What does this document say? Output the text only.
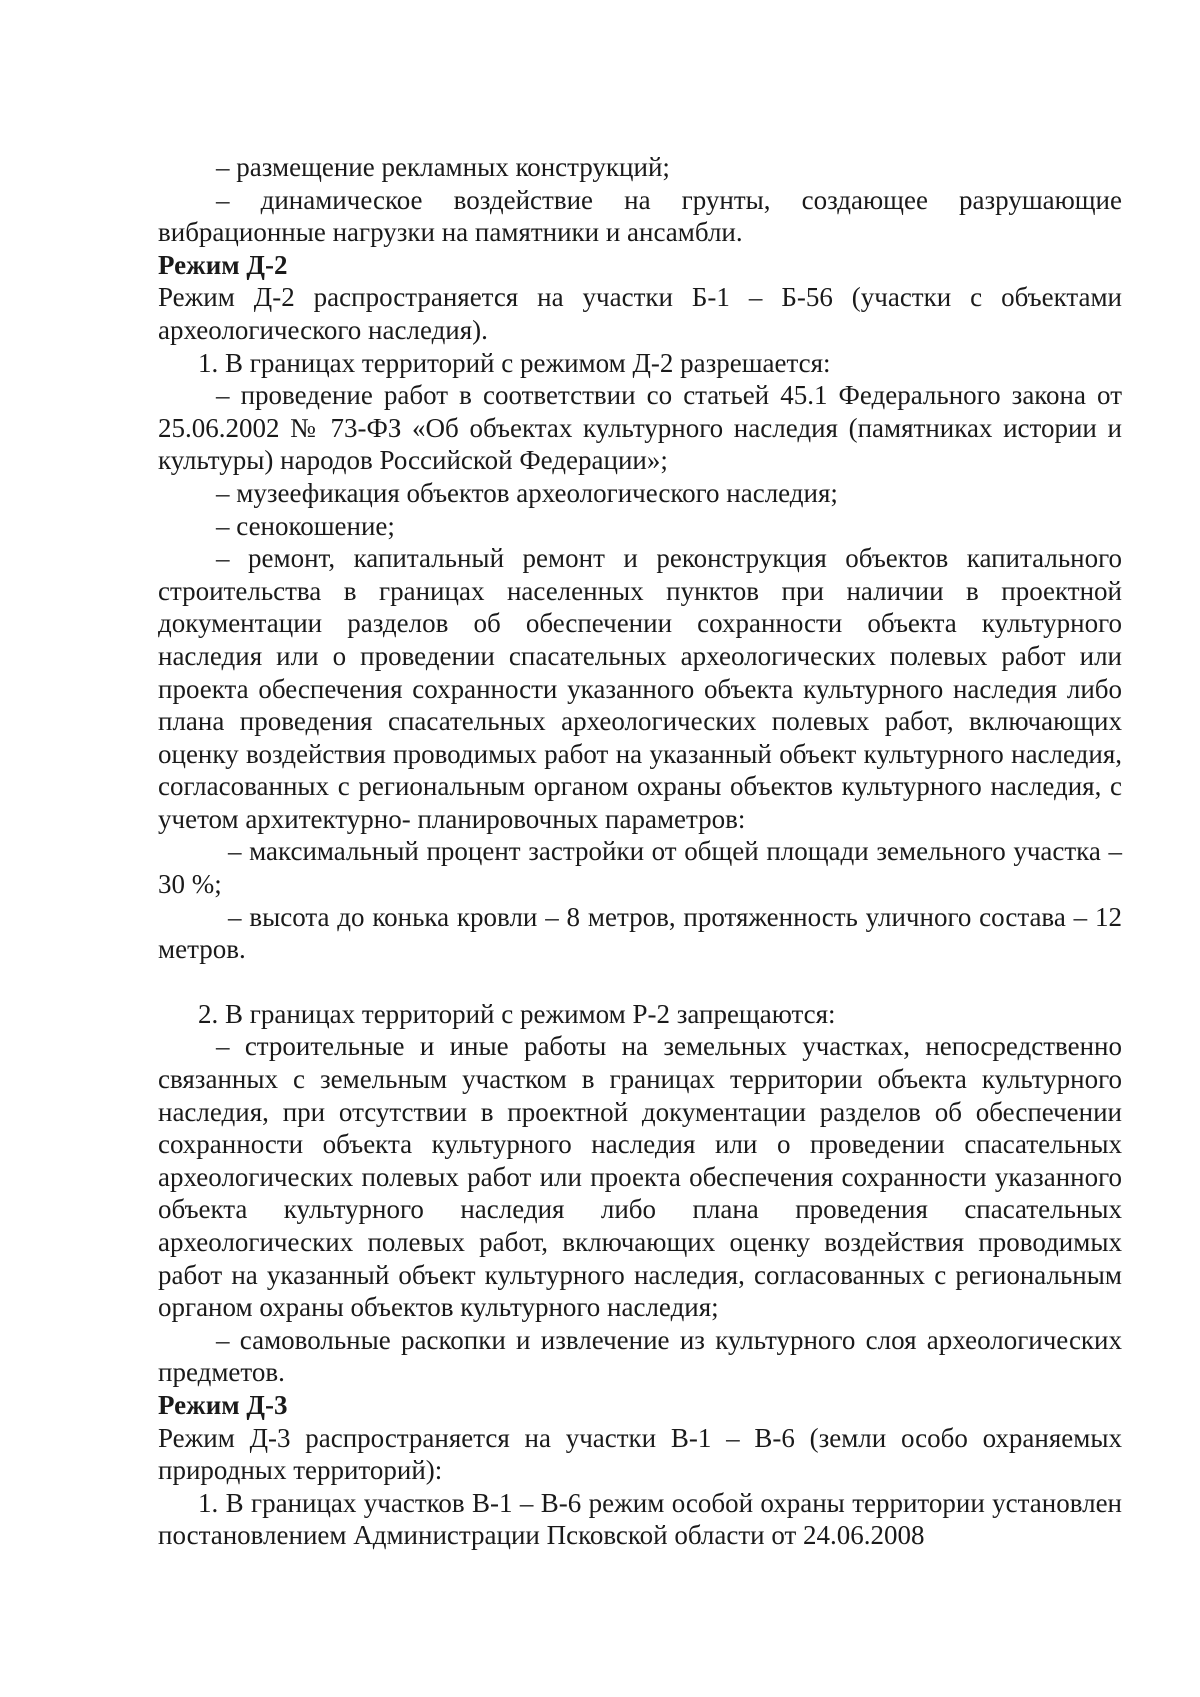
– размещение рекламных конструкций;

– динамическое воздействие на грунты, создающее разрушающие вибрационные нагрузки на памятники и ансамбли.

Режим Д-2

Режим Д-2 распространяется на участки Б-1 – Б-56 (участки с объектами археологического наследия).

1. В границах территорий с режимом Д-2 разрешается:

– проведение работ в соответствии со статьей 45.1 Федерального закона от 25.06.2002 № 73-ФЗ «Об объектах культурного наследия (памятниках истории и культуры) народов Российской Федерации»;

– музеефикация объектов археологического наследия;

– сенокошение;

– ремонт, капитальный ремонт и реконструкция объектов капитального строительства в границах населенных пунктов при наличии в проектной документации разделов об обеспечении сохранности объекта культурного наследия или о проведении спасательных археологических полевых работ или проекта обеспечения сохранности указанного объекта культурного наследия либо плана проведения спасательных археологических полевых работ, включающих оценку воздействия проводимых работ на указанный объект культурного наследия, согласованных с региональным органом охраны объектов культурного наследия, с учетом архитектурно- планировочных параметров:

– максимальный процент застройки от общей площади земельного участка – 30 %;

– высота до конька кровли – 8 метров, протяженность уличного состава – 12 метров.

2. В границах территорий с режимом Р-2 запрещаются:

– строительные и иные работы на земельных участках, непосредственно связанных с земельным участком в границах территории объекта культурного наследия, при отсутствии в проектной документации разделов об обеспечении сохранности объекта культурного наследия или о проведении спасательных археологических полевых работ или проекта обеспечения сохранности указанного объекта культурного наследия либо плана проведения спасательных археологических полевых работ, включающих оценку воздействия проводимых работ на указанный объект культурного наследия, согласованных с региональным органом охраны объектов культурного наследия;

– самовольные раскопки и извлечение из культурного слоя археологических предметов.

Режим Д-3

Режим Д-3 распространяется на участки В-1 – В-6 (земли особо охраняемых природных территорий):

1. В границах участков В-1 – В-6 режим особой охраны территории установлен постановлением Администрации Псковской области от 24.06.2008
